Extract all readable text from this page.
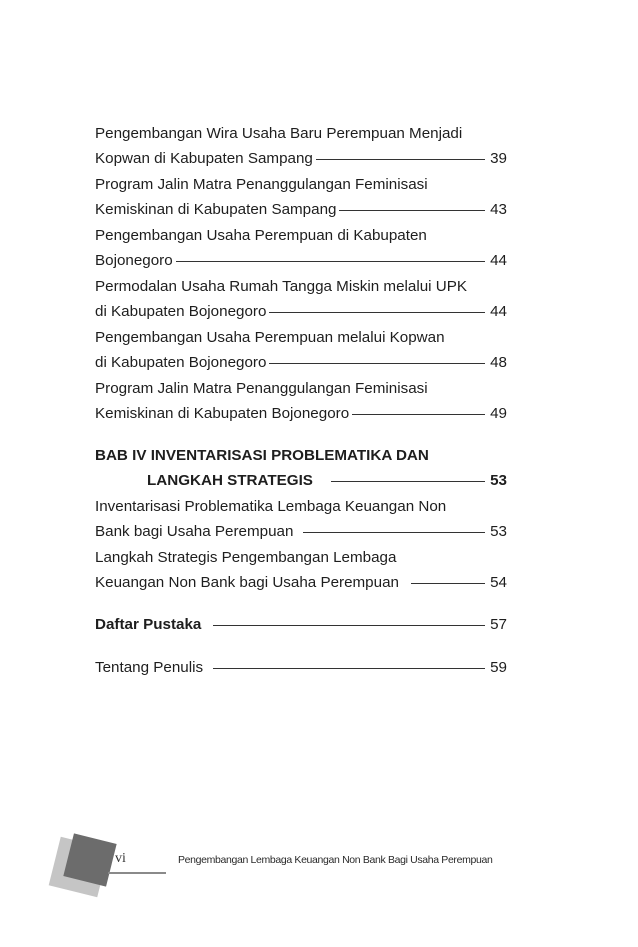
Pengembangan Wira Usaha Baru Perempuan Menjadi
Kopwan di Kabupaten Sampang	39
Program Jalin Matra Penanggulangan Feminisasi
Kemiskinan di Kabupaten Sampang	43
Pengembangan Usaha Perempuan di Kabupaten
Bojonegoro	44
Permodalan Usaha Rumah Tangga Miskin melalui UPK
di Kabupaten Bojonegoro	44
Pengembangan Usaha Perempuan melalui Kopwan
di Kabupaten Bojonegoro	48
Program Jalin Matra Penanggulangan Feminisasi
Kemiskinan di Kabupaten Bojonegoro	49
BAB IV INVENTARISASI PROBLEMATIKA DAN
LANGKAH STRATEGIS	53
Inventarisasi Problematika Lembaga Keuangan Non
Bank bagi Usaha Perempuan	53
Langkah Strategis Pengembangan Lembaga
Keuangan Non Bank bagi Usaha Perempuan	54
Daftar Pustaka	57
Tentang Penulis	59
vi	Pengembangan Lembaga Keuangan Non Bank Bagi Usaha Perempuan
